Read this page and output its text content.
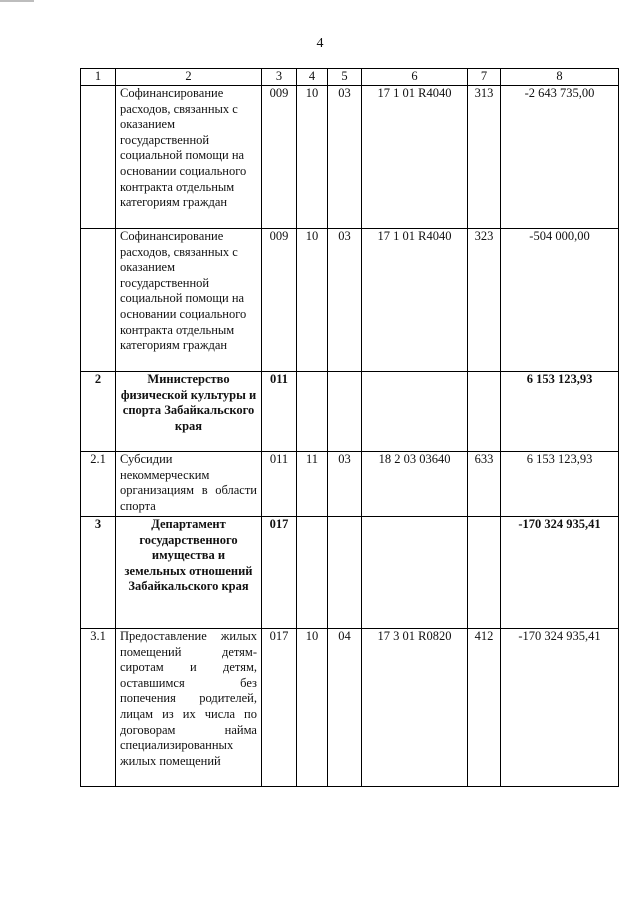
4
1	2	3	4	5	6	7	8
	Софинансирование расходов, связанных с оказанием государственной социальной помощи на основании социального контракта отдельным категориям граждан	009	10	03	17 1 01 R4040	313	-2 643 735,00
	Софинансирование расходов, связанных с оказанием государственной социальной помощи на основании социального контракта отдельным категориям граждан	009	10	03	17 1 01 R4040	323	-504 000,00
2	Министерство физической культуры и спорта Забайкальского края	011					6 153 123,93
2.1	Субсидии некоммерческим организациям в области спорта	011	11	03	18 2 03 03640	633	6 153 123,93
3	Департамент государственного имущества и земельных отношений Забайкальского края	017					-170 324 935,41
3.1	Предоставление жилых помещений детям-сиротам и детям, оставшимся без попечения родителей, лицам из их числа по договорам найма специализированных жилых помещений	017	10	04	17 3 01 R0820	412	-170 324 935,41
